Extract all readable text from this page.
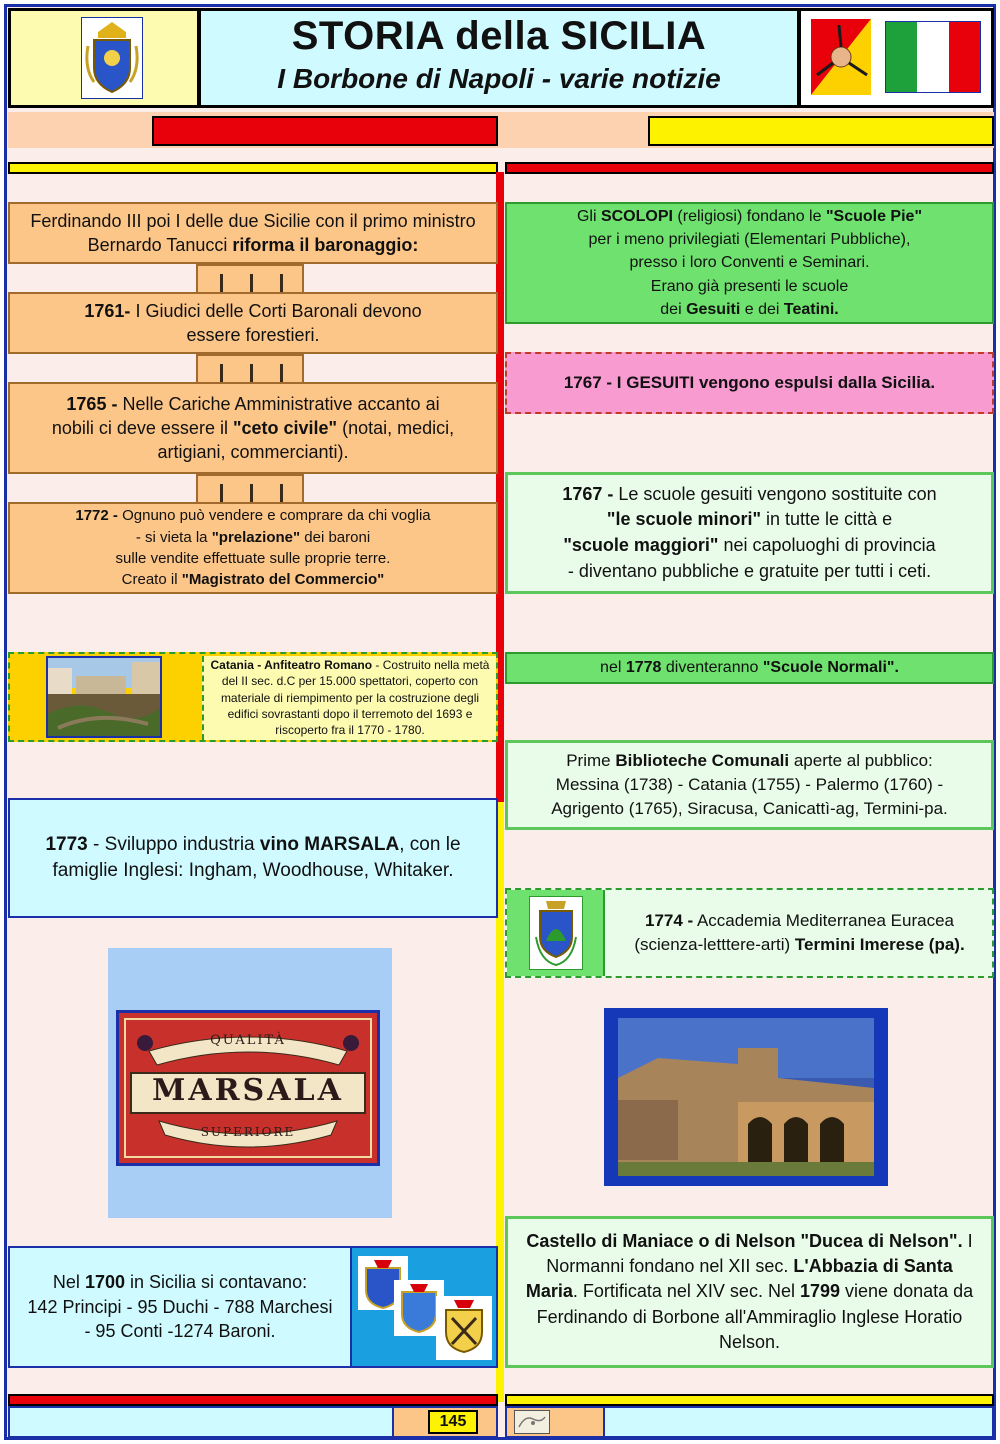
STORIA della SICILIA
I Borbone di Napoli - varie notizie
Ferdinando III poi I delle due Sicilie con il primo ministro Bernardo Tanucci riforma il baronaggio:
1761- I Giudici delle Corti Baronali devono essere forestieri.
1765 - Nelle Cariche Amministrative accanto ai nobili ci deve essere il "ceto civile" (notai, medici, artigiani, commercianti).
1772 - Ognuno può vendere e comprare da chi voglia
- si vieta la "prelazione" dei baroni
sulle vendite effettuate sulle proprie terre.
Creato il "Magistrato del Commercio"
Catania - Anfiteatro Romano - Costruito nella metà del II sec. d.C per 15.000 spettatori, coperto con materiale di riempimento per la costruzione degli edifici sovrastanti dopo il terremoto del 1693 e riscoperto fra il 1770 - 1780.
1773 - Sviluppo industria vino MARSALA, con le famiglie Inglesi: Ingham, Woodhouse, Whitaker.
QUALITÀ
MARSALA
SUPERIORE
Nel 1700 in Sicilia si contavano:
142 Principi - 95 Duchi - 788 Marchesi
- 95 Conti -1274 Baroni.
Gli SCOLOPI (religiosi) fondano le "Scuole Pie"
per i meno privilegiati (Elementari Pubbliche),
presso i loro Conventi e Seminari.
Erano già presenti le scuole
dei Gesuiti e dei Teatini.
1767 - I GESUITI vengono espulsi dalla Sicilia.
1767 - Le scuole gesuiti vengono sostituite con
"le scuole minori" in tutte le città e
"scuole maggiori" nei capoluoghi di provincia
- diventano pubbliche e gratuite per tutti i ceti.
nel 1778 diventeranno "Scuole Normali".
Prime Biblioteche Comunali aperte al pubblico:
Messina (1738) - Catania (1755) - Palermo (1760) -
Agrigento (1765), Siracusa, Canicattì-ag, Termini-pa.
1774 - Accademia Mediterranea Euracea
(scienza-letttere-arti) Termini Imerese (pa).
Castello di Maniace o di Nelson "Ducea di Nelson". I Normanni fondano nel XII sec. L'Abbazia di Santa Maria. Fortificata nel XIV sec. Nel 1799 viene donata da Ferdinando di Borbone all'Ammiraglio Inglese Horatio Nelson.
145
